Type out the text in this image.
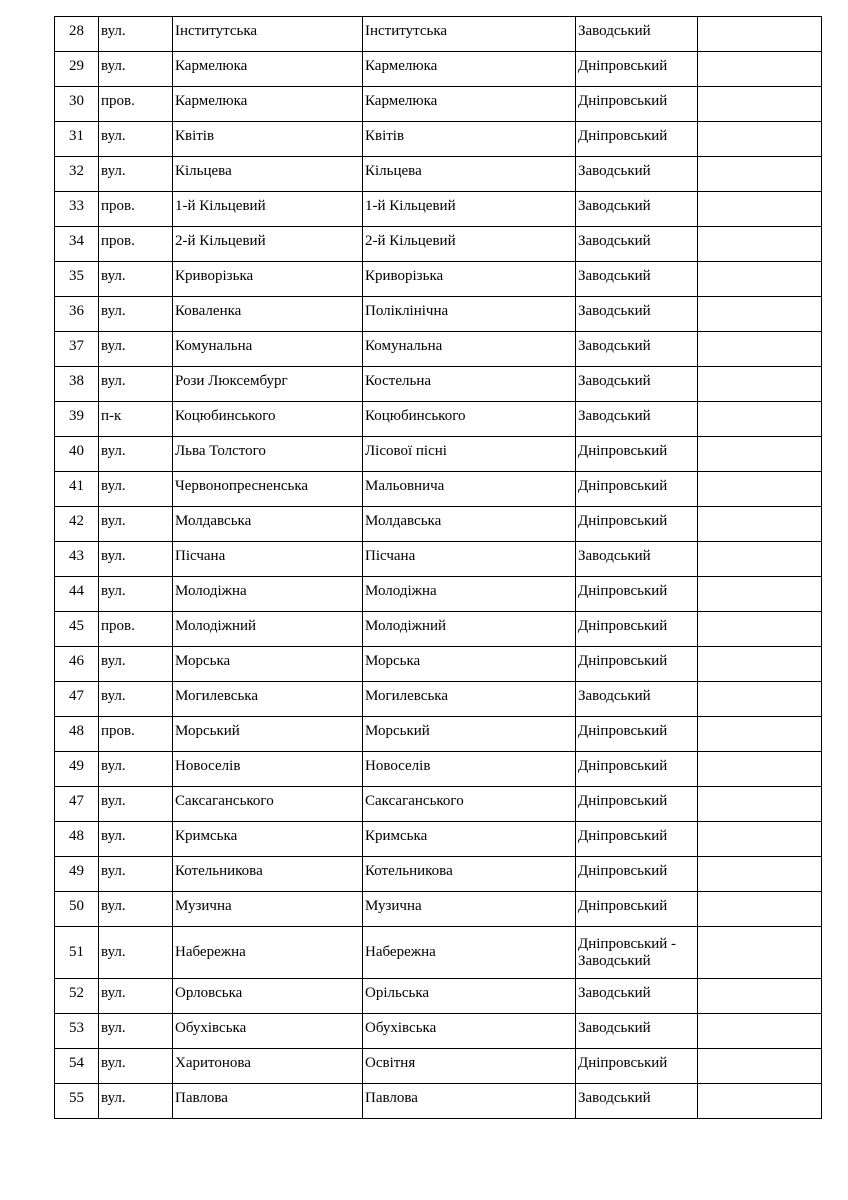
28	вул.	Інститутська	Інститутська	Заводський	

29	вул.	Кармелюка	Кармелюка	Дніпровський	

30	пров.	Кармелюка	Кармелюка	Дніпровський	

31	вул.	Квітів	Квітів	Дніпровський	

32	вул.	Кільцева	Кільцева	Заводський	

33	пров.	1-й Кільцевий	1-й Кільцевий	Заводський	

34	пров.	2-й Кільцевий	2-й Кільцевий	Заводський	

35	вул.	Криворізька	Криворізька	Заводський	

36	вул.	Коваленка	Поліклінічна	Заводський	

37	вул.	Комунальна	Комунальна	Заводський	

38	вул.	Рози Люксембург	Костельна	Заводський	

39	п-к	Коцюбинського	Коцюбинського	Заводський	

40	вул.	Льва Толстого	Лісової пісні	Дніпровський	

41	вул.	Червонопресненська	Мальовнича	Дніпровський	

42	вул.	Молдавська	Молдавська	Дніпровський	

43	вул.	Пісчана	Пісчана	Заводський	

44	вул.	Молодіжна	Молодіжна	Дніпровський	

45	пров.	Молодіжний	Молодіжний	Дніпровський	

46	вул.	Морська	Морська	Дніпровський	

47	вул.	Могилевська	Могилевська	Заводський	

48	пров.	Морський	Морський	Дніпровський	

49	вул.	Новоселів	Новоселів	Дніпровський	

47	вул.	Саксаганського	Саксаганського	Дніпровський	

48	вул.	Кримська	Кримська	Дніпровський	

49	вул.	Котельникова	Котельникова	Дніпровський	

50	вул.	Музична	Музична	Дніпровський	

51	вул.	Набережна	Набережна	Дніпровський - Заводський	

52	вул.	Орловська	Орільська	Заводський	

53	вул.	Обухівська	Обухівська	Заводський	

54	вул.	Харитонова	Освітня	Дніпровський	

55	вул.	Павлова	Павлова	Заводський	
